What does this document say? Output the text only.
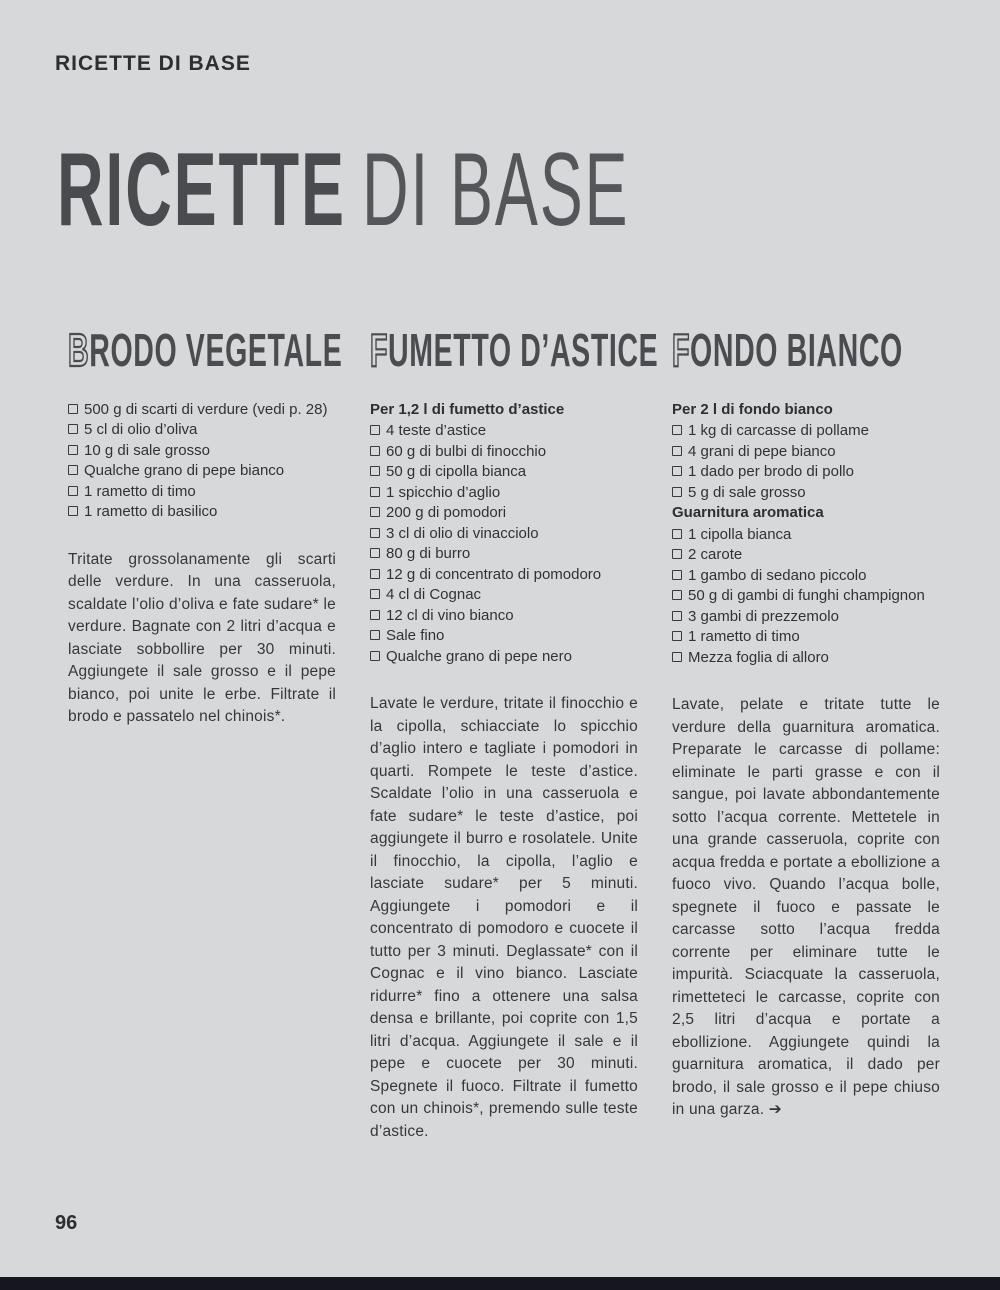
RICETTE DI BASE
RICETTE DI BASE
BRODO VEGETALE
500 g di scarti di verdure (vedi p. 28)
5 cl di olio d’oliva
10 g di sale grosso
Qualche grano di pepe bianco
1 rametto di timo
1 rametto di basilico

Tritate grossolanamente gli scarti delle verdure. In una casseruola, scaldate l’olio d’oliva e fate sudare* le verdure. Bagnate con 2 litri d’acqua e lasciate sobbollire per 30 minuti. Aggiungete il sale grosso e il pepe bianco, poi unite le erbe. Filtrate il brodo e passatelo nel chinois*.

FUMETTO D’ASTICE
Per 1,2 l di fumetto d’astice
4 teste d’astice
60 g di bulbi di finocchio
50 g di cipolla bianca
1 spicchio d’aglio
200 g di pomodori
3 cl di olio di vinacciolo
80 g di burro
12 g di concentrato di pomodoro
4 cl di Cognac
12 cl di vino bianco
Sale fino
Qualche grano di pepe nero

Lavate le verdure, tritate il finocchio e la cipolla, schiacciate lo spicchio d’aglio intero e tagliate i pomodori in quarti. Rompete le teste d’astice. Scaldate l’olio in una casseruola e fate sudare* le teste d’astice, poi aggiungete il burro e rosolatele. Unite il finocchio, la cipolla, l’aglio e lasciate sudare* per 5 minuti. Aggiungete i pomodori e il concentrato di pomodoro e cuocete il tutto per 3 minuti. Deglassate* con il Cognac e il vino bianco. Lasciate ridurre* fino a ottenere una salsa densa e brillante, poi coprite con 1,5 litri d’acqua. Aggiungete il sale e il pepe e cuocete per 30 minuti. Spegnete il fuoco. Filtrate il fumetto con un chinois*, premendo sulle teste d’astice.

FONDO BIANCO
Per 2 l di fondo bianco
1 kg di carcasse di pollame
4 grani di pepe bianco
1 dado per brodo di pollo
5 g di sale grosso
Guarnitura aromatica
1 cipolla bianca
2 carote
1 gambo di sedano piccolo
50 g di gambi di funghi champignon
3 gambi di prezzemolo
1 rametto di timo
Mezza foglia di alloro

Lavate, pelate e tritate tutte le verdure della guarnitura aromatica. Preparate le carcasse di pollame: eliminate le parti grasse e con il sangue, poi lavate abbondantemente sotto l’acqua corrente. Mettetele in una grande casseruola, coprite con acqua fredda e portate a ebollizione a fuoco vivo. Quando l’acqua bolle, spegnete il fuoco e passate le carcasse sotto l’acqua fredda corrente per eliminare tutte le impurità. Sciacquate la casseruola, rimetteteci le carcasse, coprite con 2,5 litri d’acqua e portate a ebollizione. Aggiungete quindi la guarnitura aromatica, il dado per brodo, il sale grosso e il pepe chiuso in una garza. ➔

96
